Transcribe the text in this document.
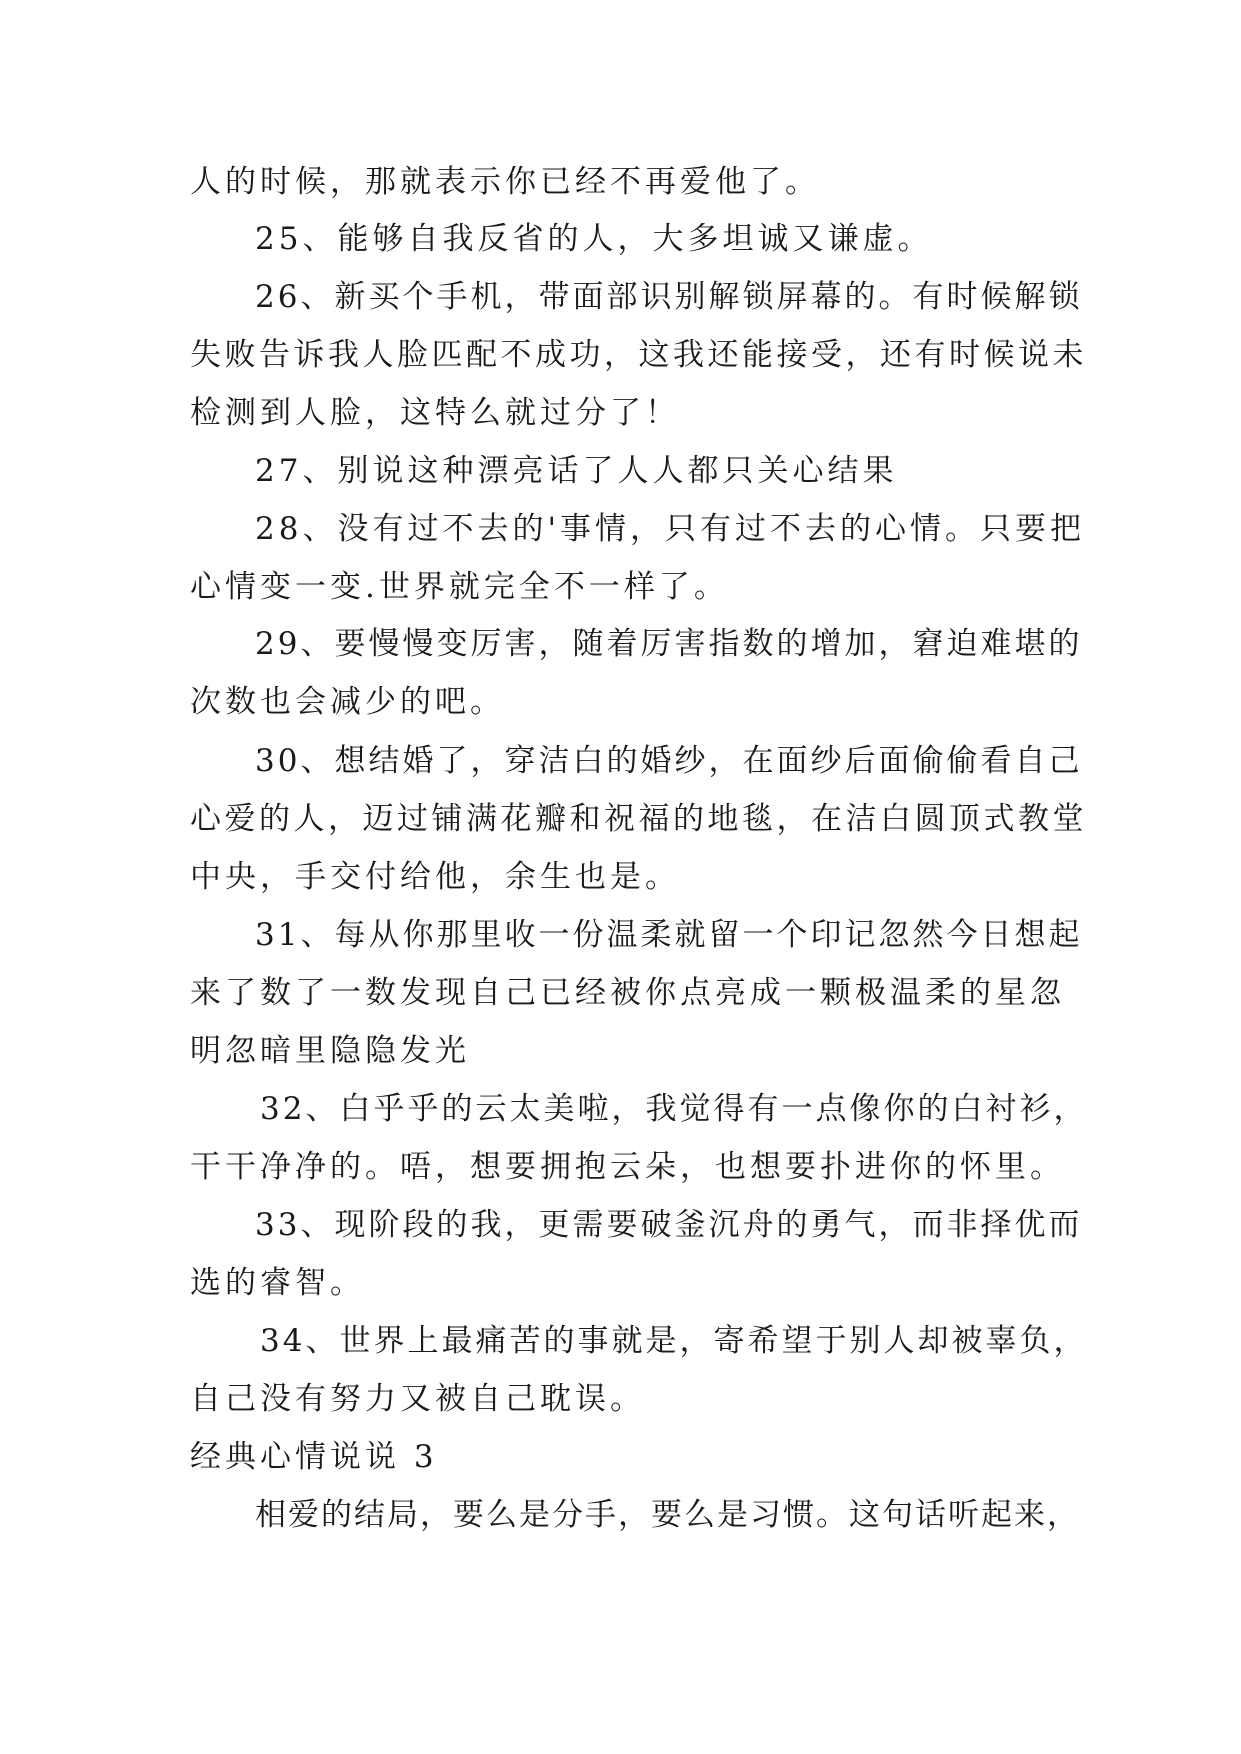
人的时候，那就表示你已经不再爱他了。
25、能够自我反省的人，大多坦诚又谦虚。
26、新买个手机，带面部识别解锁屏幕的。有时候解锁
失败告诉我人脸匹配不成功，这我还能接受，还有时候说未
检测到人脸，这特么就过分了！
27、别说这种漂亮话了人人都只关心结果
28、没有过不去的'事情，只有过不去的心情。只要把
心情变一变.世界就完全不一样了。
29、要慢慢变厉害，随着厉害指数的增加，窘迫难堪的
次数也会减少的吧。
30、想结婚了，穿洁白的婚纱，在面纱后面偷偷看自己
心爱的人，迈过铺满花瓣和祝福的地毯，在洁白圆顶式教堂
中央，手交付给他，余生也是。
31、每从你那里收一份温柔就留一个印记忽然今日想起
来了数了一数发现自己已经被你点亮成一颗极温柔的星忽
明忽暗里隐隐发光
32、白乎乎的云太美啦，我觉得有一点像你的白衬衫，
干干净净的。唔，想要拥抱云朵，也想要扑进你的怀里。
33、现阶段的我，更需要破釜沉舟的勇气，而非择优而
选的睿智。
34、世界上最痛苦的事就是，寄希望于别人却被辜负，
自己没有努力又被自己耽误。
经典心情说说 3
相爱的结局，要么是分手，要么是习惯。这句话听起来，
